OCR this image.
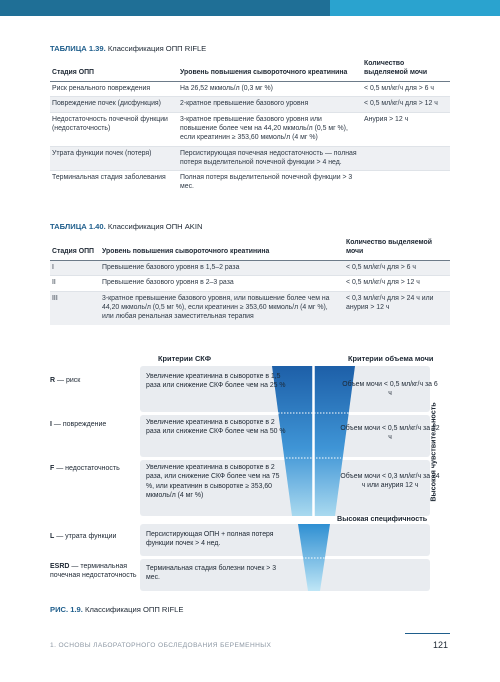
ТАБЛИЦА 1.39. Классификация ОПП RIFLE
Стадия ОПП	Уровень повышения сывороточного креатинина	Количество выделяемой мочи
Риск ренального повреждения	На 26,52 мкмоль/л (0,3 мг %)	< 0,5 мл/кг/ч для > 6 ч
Повреждение почек (дисфункция)	2-кратное превышение базового уровня	< 0,5 мл/кг/ч для > 12 ч
Недостаточность почечной функции (недостаточность)	3-кратное превышение базового уровня или повышение более чем на 44,20 мкмоль/л (0,5 мг %), если креатинин ≥ 353,60 мкмоль/л (4 мг %)	Анурия > 12 ч
Утрата функции почек (потеря)	Персистирующая почечная недостаточность — полная потеря выделительной почечной функции > 4 нед.	
Терминальная стадия заболевания	Полная потеря выделительной почечной функции > 3 мес.	
ТАБЛИЦА 1.40. Классификация ОПН AKIN
Стадия ОПП	Уровень повышения сывороточного креатинина	Количество выделяемой мочи
I	Превышение базового уровня в 1,5–2 раза	< 0,5 мл/кг/ч для > 6 ч
II	Превышение базового уровня в 2–3 раза	< 0,5 мл/кг/ч для > 12 ч
III	3-кратное превышение базового уровня, или повышение более чем на 44,20 мкмоль/л (0,5 мг %), если креатинин ≥ 353,60 мкмоль/л (4 мг %), или любая ренальная заместительная терапия	< 0,3 мл/кг/ч для > 24 ч или анурия > 12 ч
Критерии СКФ	Критерии объема мочи
R — риск
Увеличение креатинина в сыворотке в 1,5 раза или снижение СКФ более чем на 25 %	Объем мочи < 0,5 мл/кг/ч за 6 ч
I — повреждение	Увеличение креатинина в сыворотке в 2 раза или снижение СКФ более чем на 50 %	Объем мочи < 0,5 мл/кг/ч за 12 ч
F — недостаточность	Увеличение креатинина в сыворотке в 2 раза, или снижение СКФ более чем на 75 %, или креатинин в сыворотке ≥ 353,60 мкмоль/л (4 мг %)
Объем мочи < 0,3 мл/кг/ч за 24 ч или анурия 12 ч
Высокая специфичность
Высокая чувствительность
L — утрата функции	Персистирующая ОПН + полная потеря функции почек > 4 нед.
ESRD — терминальная почечная недостаточность
Терминальная стадия болезни почек > 3 мес.
РИС. 1.9. Классификация ОПП RIFLE
1. ОСНОВЫ ЛАБОРАТОРНОГО ОБСЛЕДОВАНИЯ БЕРЕМЕННЫХ	121
